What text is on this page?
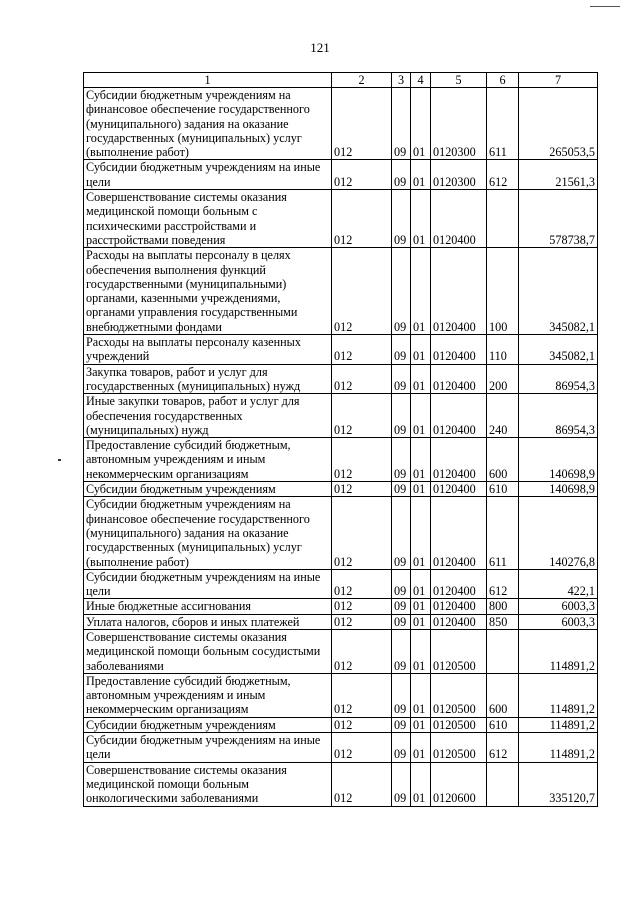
121
1	2	3	4	5	6	7
Субсидии бюджетным учреждениям на финансовое обеспечение государственного (муниципального) задания на оказание государственных (муниципальных) услуг (выполнение работ)	012	09	01	0120300	611	265053,5
Субсидии бюджетным учреждениям на иные цели	012	09	01	0120300	612	21561,3
Совершенствование системы оказания медицинской помощи больным с психическими расстройствами и расстройствами поведения	012	09	01	0120400		578738,7
Расходы на выплаты персоналу в целях обеспечения выполнения функций государственными (муниципальными) органами, казенными учреждениями, органами управления государственными внебюджетными фондами	012	09	01	0120400	100	345082,1
Расходы на выплаты персоналу казенных учреждений	012	09	01	0120400	110	345082,1
Закупка товаров, работ и услуг для государственных (муниципальных) нужд	012	09	01	0120400	200	86954,3
Иные закупки товаров, работ и услуг для обеспечения государственных (муниципальных) нужд	012	09	01	0120400	240	86954,3
Предоставление субсидий бюджетным, автономным учреждениям и иным некоммерческим организациям	012	09	01	0120400	600	140698,9
Субсидии бюджетным учреждениям	012	09	01	0120400	610	140698,9
Субсидии бюджетным учреждениям на финансовое обеспечение государственного (муниципального) задания на оказание государственных (муниципальных) услуг (выполнение работ)	012	09	01	0120400	611	140276,8
Субсидии бюджетным учреждениям на иные цели	012	09	01	0120400	612	422,1
Иные бюджетные ассигнования	012	09	01	0120400	800	6003,3
Уплата налогов, сборов и иных платежей	012	09	01	0120400	850	6003,3
Совершенствование системы оказания медицинской помощи больным сосудистыми заболеваниями	012	09	01	0120500		114891,2
Предоставление субсидий бюджетным, автономным учреждениям и иным некоммерческим организациям	012	09	01	0120500	600	114891,2
Субсидии бюджетным учреждениям	012	09	01	0120500	610	114891,2
Субсидии бюджетным учреждениям на иные цели	012	09	01	0120500	612	114891,2
Совершенствование системы оказания медицинской помощи больным онкологическими заболеваниями	012	09	01	0120600		335120,7
